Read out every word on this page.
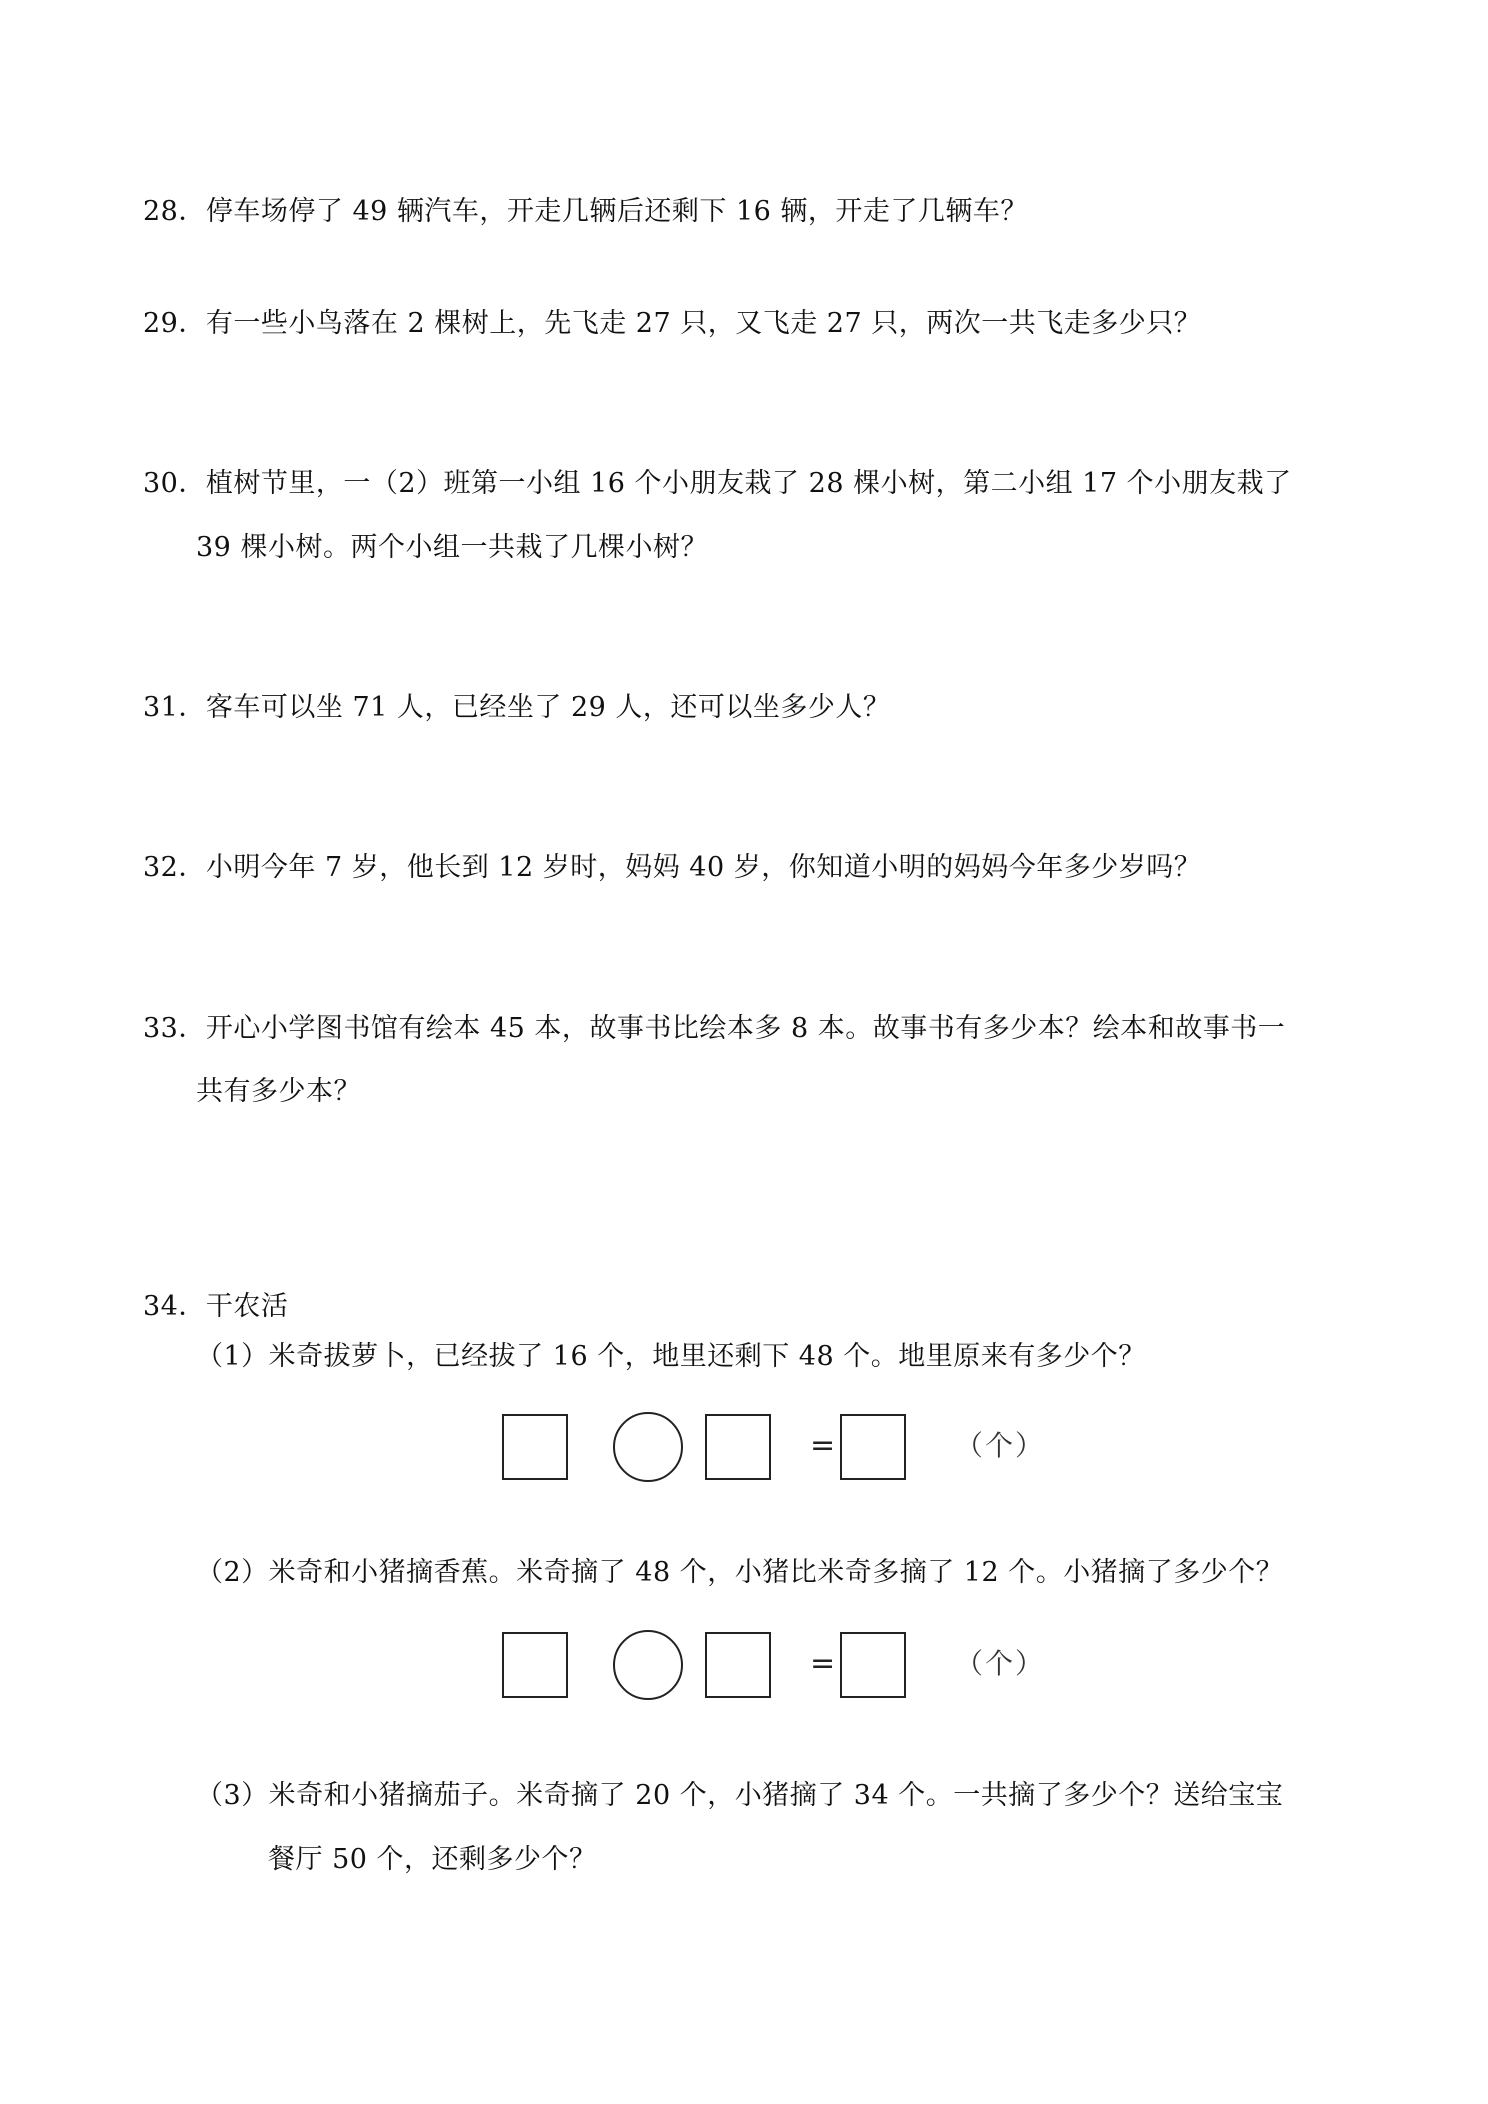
28．停车场停了 49 辆汽车，开走几辆后还剩下 16 辆，开走了几辆车？
29．有一些小鸟落在 2 棵树上，先飞走 27 只，又飞走 27 只，两次一共飞走多少只？
30．植树节里，一（2）班第一小组 16 个小朋友栽了 28 棵小树，第二小组 17 个小朋友栽了
39 棵小树。两个小组一共栽了几棵小树？
31．客车可以坐 71 人，已经坐了 29 人，还可以坐多少人？
32．小明今年 7 岁，他长到 12 岁时，妈妈 40 岁，你知道小明的妈妈今年多少岁吗？
33．开心小学图书馆有绘本 45 本，故事书比绘本多 8 本。故事书有多少本？绘本和故事书一
共有多少本？
34．干农活
（1）米奇拔萝卜，已经拔了 16 个，地里还剩下 48 个。地里原来有多少个？
=	（个）
（2）米奇和小猪摘香蕉。米奇摘了 48 个，小猪比米奇多摘了 12 个。小猪摘了多少个？
=	（个）
（3）米奇和小猪摘茄子。米奇摘了 20 个，小猪摘了 34 个。一共摘了多少个？送给宝宝
餐厅 50 个，还剩多少个？
